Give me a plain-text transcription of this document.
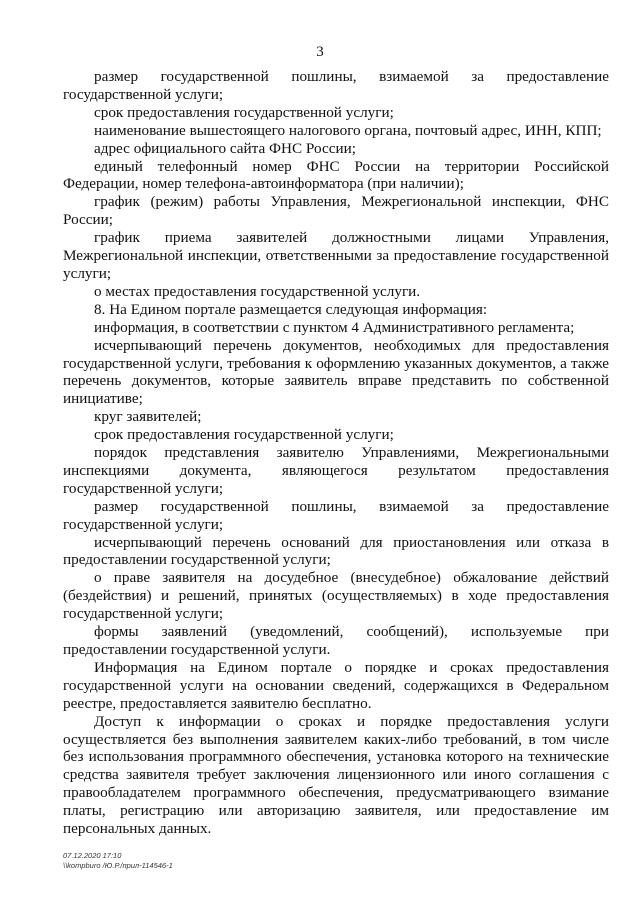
3

размер государственной пошлины, взимаемой за предоставление государственной услуги;

срок предоставления государственной услуги;

наименование вышестоящего налогового органа, почтовый адрес, ИНН, КПП;

адрес официального сайта ФНС России;

единый телефонный номер ФНС России на территории Российской Федерации, номер телефона-автоинформатора (при наличии);

график (режим) работы Управления, Межрегиональной инспекции, ФНС России;

график приема заявителей должностными лицами Управления, Межрегиональной инспекции, ответственными за предоставление государственной услуги;

о местах предоставления государственной услуги.

8. На Едином портале размещается следующая информация:

информация, в соответствии с пунктом 4 Административного регламента;

исчерпывающий перечень документов, необходимых для предоставления государственной услуги, требования к оформлению указанных документов, а также перечень документов, которые заявитель вправе представить по собственной инициативе;

круг заявителей;

срок предоставления государственной услуги;

порядок представления заявителю Управлениями, Межрегиональными инспекциями документа, являющегося результатом предоставления государственной услуги;

размер государственной пошлины, взимаемой за предоставление государственной услуги;

исчерпывающий перечень оснований для приостановления или отказа в предоставлении государственной услуги;

о праве заявителя на досудебное (внесудебное) обжалование действий (бездействия) и решений, принятых (осуществляемых) в ходе предоставления государственной услуги;

формы заявлений (уведомлений, сообщений), используемые при предоставлении государственной услуги.

Информация на Едином портале о порядке и сроках предоставления государственной услуги на основании сведений, содержащихся в Федеральном реестре, предоставляется заявителю бесплатно.

Доступ к информации о сроках и порядке предоставления услуги осуществляется без выполнения заявителем каких-либо требований, в том числе без использования программного обеспечения, установка которого на технические средства заявителя требует заключения лицензионного или иного соглашения с правообладателем программного обеспечения, предусматривающего взимание платы, регистрацию или авторизацию заявителя, или предоставление им персональных данных.

07.12.2020 17:10
\\kompburo /Ю.Р./прил-114546-1
